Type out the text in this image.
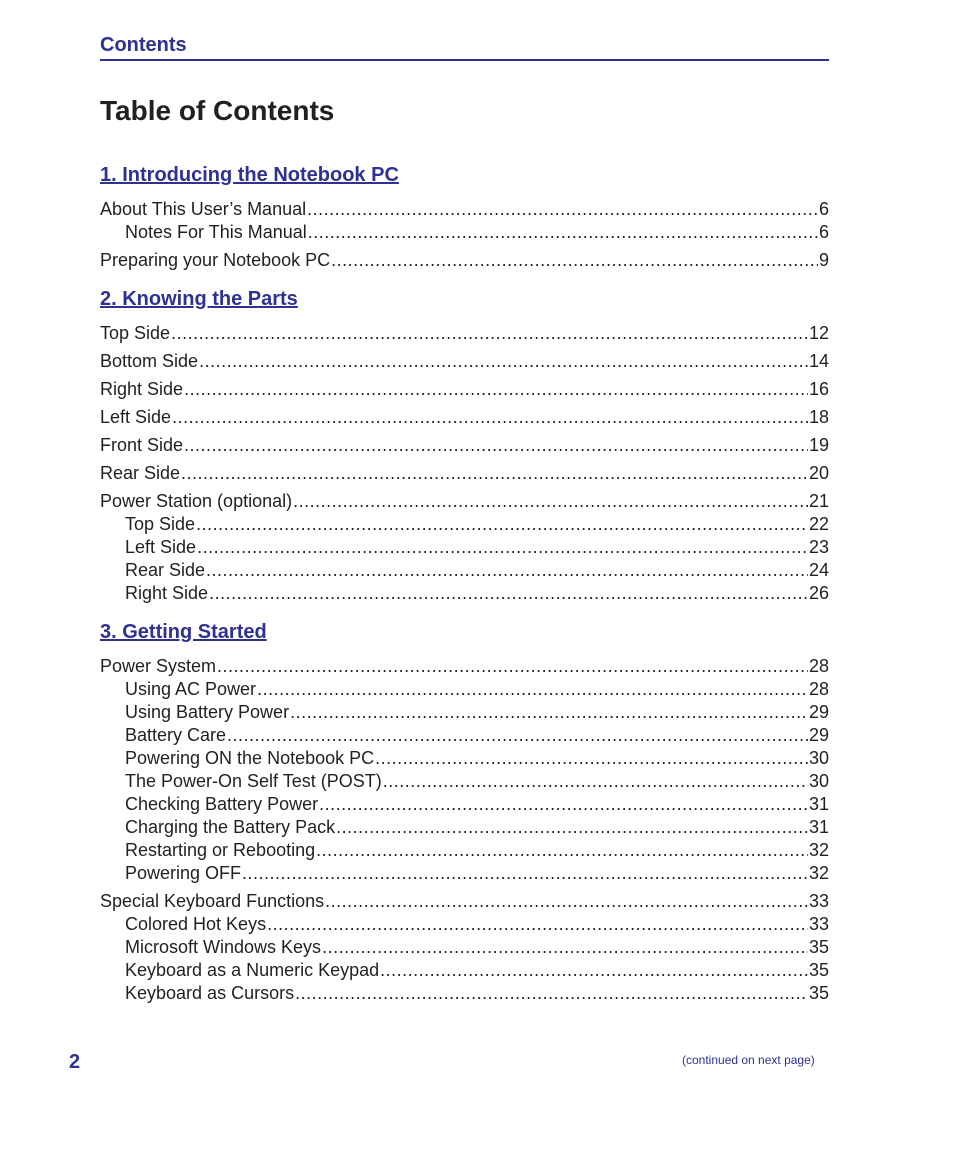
Contents
Table of Contents
1. Introducing the Notebook PC
About This User’s Manual .....	6
Notes For This Manual .....	6
Preparing your Notebook PC .....	9
2. Knowing the Parts
Top Side .....	12
Bottom Side .....	14
Right Side .....	16
Left Side .....	18
Front Side .....	19
Rear Side .....	20
Power Station (optional) .....	21
Top Side .....	22
Left Side .....	23
Rear Side .....	24
Right Side .....	26
3. Getting Started
Power System .....	28
Using AC Power .....	28
Using Battery Power .....	29
Battery Care .....	29
Powering ON the Notebook PC .....	30
The Power-On Self Test (POST) .....	30
Checking Battery Power .....	31
Charging the Battery Pack .....	31
Restarting or Rebooting .....	32
Powering OFF .....	32
Special Keyboard Functions .....	33
Colored Hot Keys .....	33
Microsoft Windows Keys .....	35
Keyboard as a Numeric Keypad .....	35
Keyboard as Cursors .....	35
2	(continued on next page)
